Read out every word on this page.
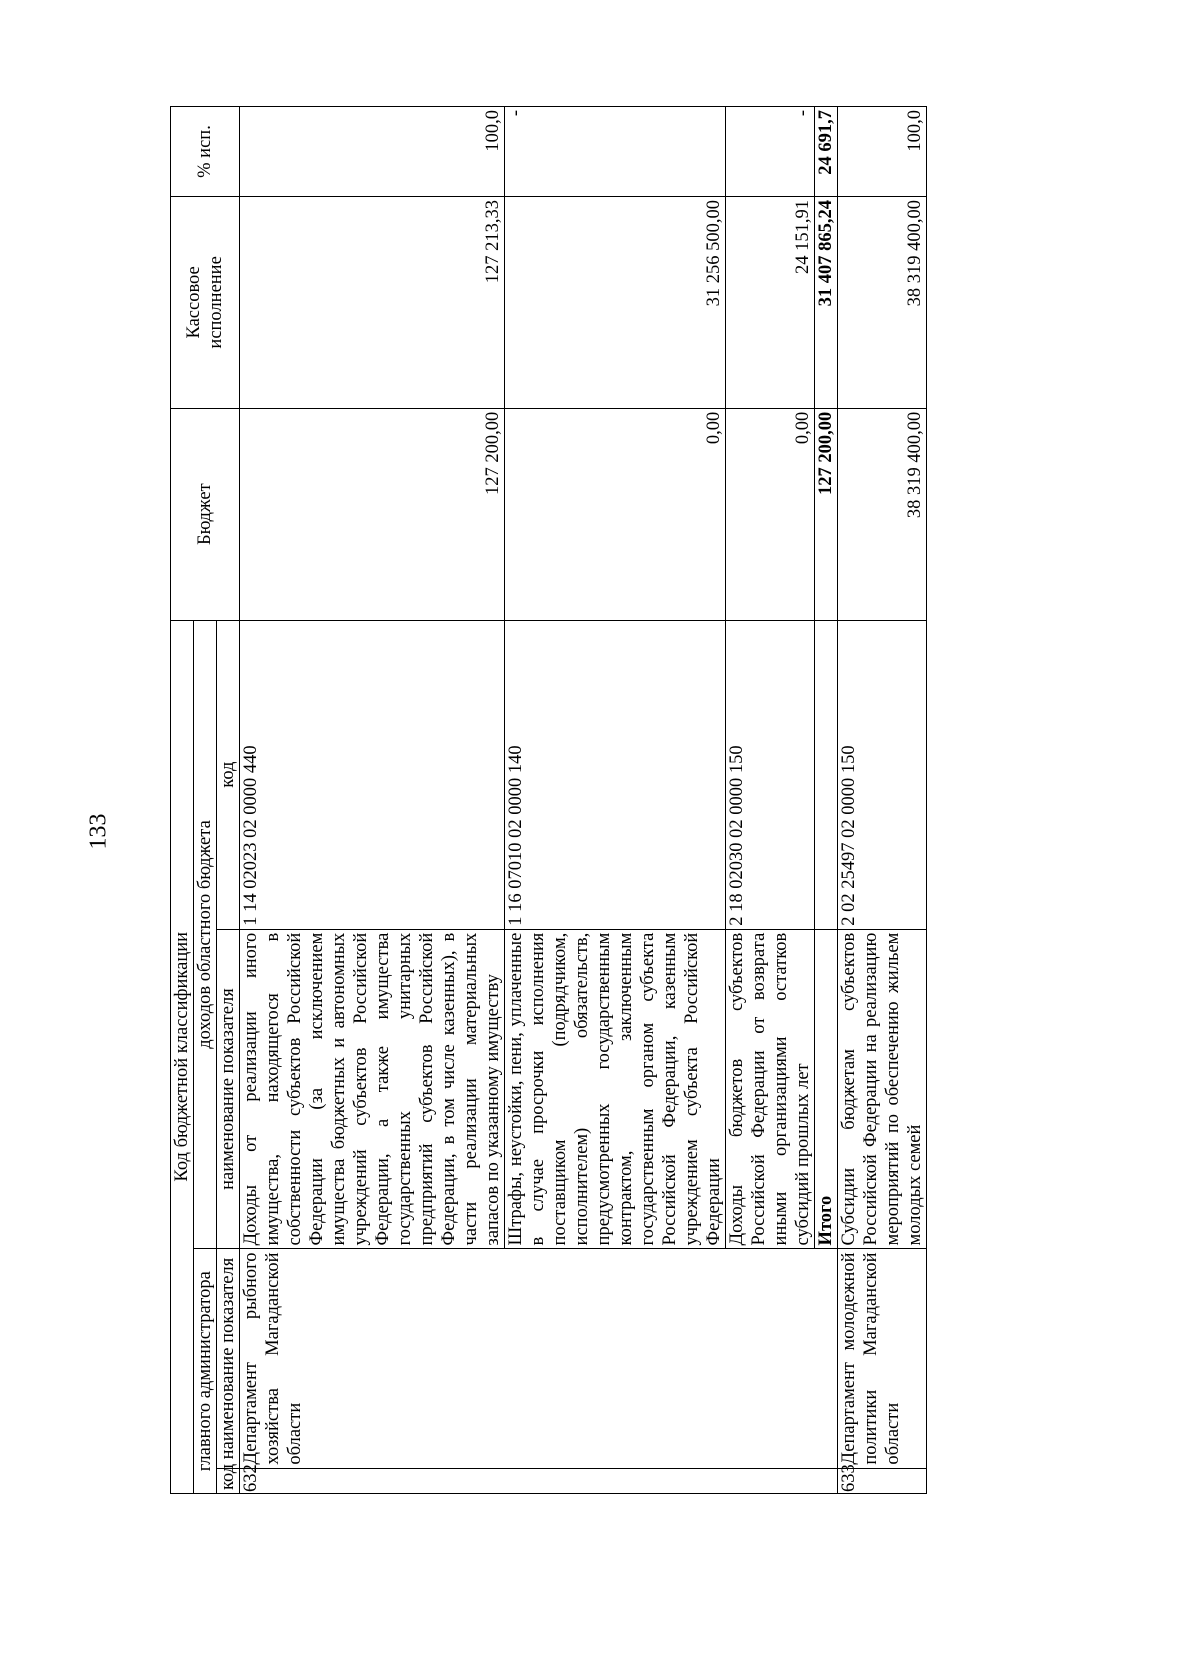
133
Код бюджетной классификации				Бюджет	Кассовое исполнение	% исп.
главного администратора		доходов областного бюджета				
код	наименование показателя	наименование показателя	код			
632	Департамент рыбного хозяйства Магаданской области	Доходы от реализации иного имущества, находящегося в собственности субъектов Российской Федерации (за исключением имущества бюджетных и автономных учреждений субъектов Российской Федерации, а также имущества государственных унитарных предприятий субъектов Российской Федерации, в том числе казенных), в части реализации материальных запасов по указанному имуществу	1 14 02023 02 0000 440	127 200,00	127 213,33	100,0
		Штрафы, неустойки, пени, уплаченные в случае просрочки исполнения поставщиком (подрядчиком, исполнителем) обязательств, предусмотренных государственным контрактом, заключенным государственным органом субъекта Российской Федерации, казенным учреждением субъекта Российской Федерации	1 16 07010 02 0000 140	0,00	31 256 500,00	-
		Доходы бюджетов субъектов Российской Федерации от возврата иными организациями остатков субсидий прошлых лет	2 18 02030 02 0000 150	0,00	24 151,91	-
		Итого		127 200,00	31 407 865,24	24 691,7
633	Департамент молодежной политики Магаданской области	Субсидии бюджетам субъектов Российской Федерации на реализацию мероприятий по обеспечению жильем молодых семей	2 02 25497 02 0000 150	38 319 400,00	38 319 400,00	100,0
